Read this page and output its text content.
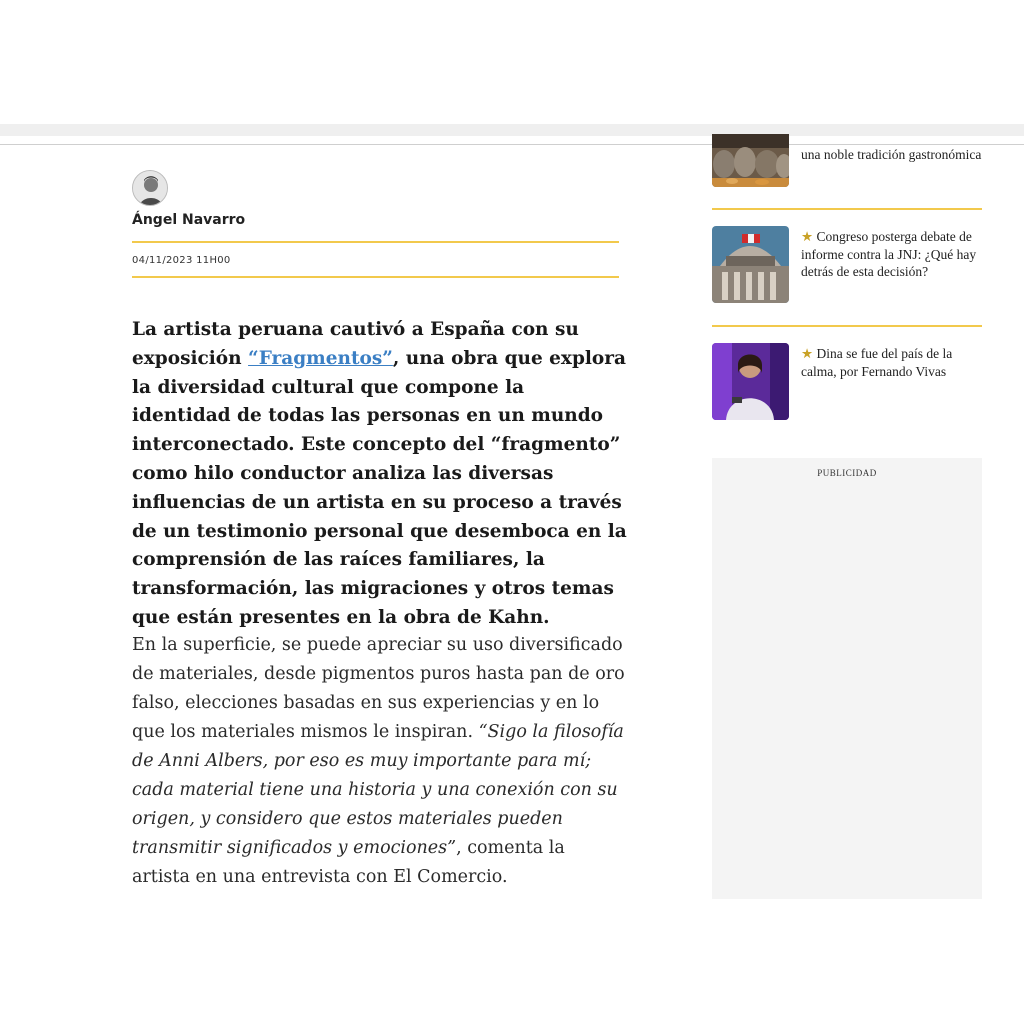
Ángel Navarro
04/11/2023 11H00

La artista peruana cautivó a España con su exposición “Fragmentos”, una obra que explora la diversidad cultural que compone la identidad de todas las personas en un mundo interconectado. Este concepto del “fragmento” como hilo conductor analiza las diversas influencias de un artista en su proceso a través de un testimonio personal que desemboca en la comprensión de las raíces familiares, la transformación, las migraciones y otros temas que están presentes en la obra de Kahn.

En la superficie, se puede apreciar su uso diversificado de materiales, desde pigmentos puros hasta pan de oro falso, elecciones basadas en sus experiencias y en lo que los materiales mismos le inspiran. “Sigo la filosofía de Anni Albers, por eso es muy importante para mí; cada material tiene una historia y una conexión con su origen, y considero que estos materiales pueden transmitir significados y emociones”, comenta la artista en una entrevista con El Comercio.

una noble tradición gastronómica
★ Congreso posterga debate de informe contra la JNJ: ¿Qué hay detrás de esta decisión?
★ Dina se fue del país de la calma, por Fernando Vivas
PUBLICIDAD
